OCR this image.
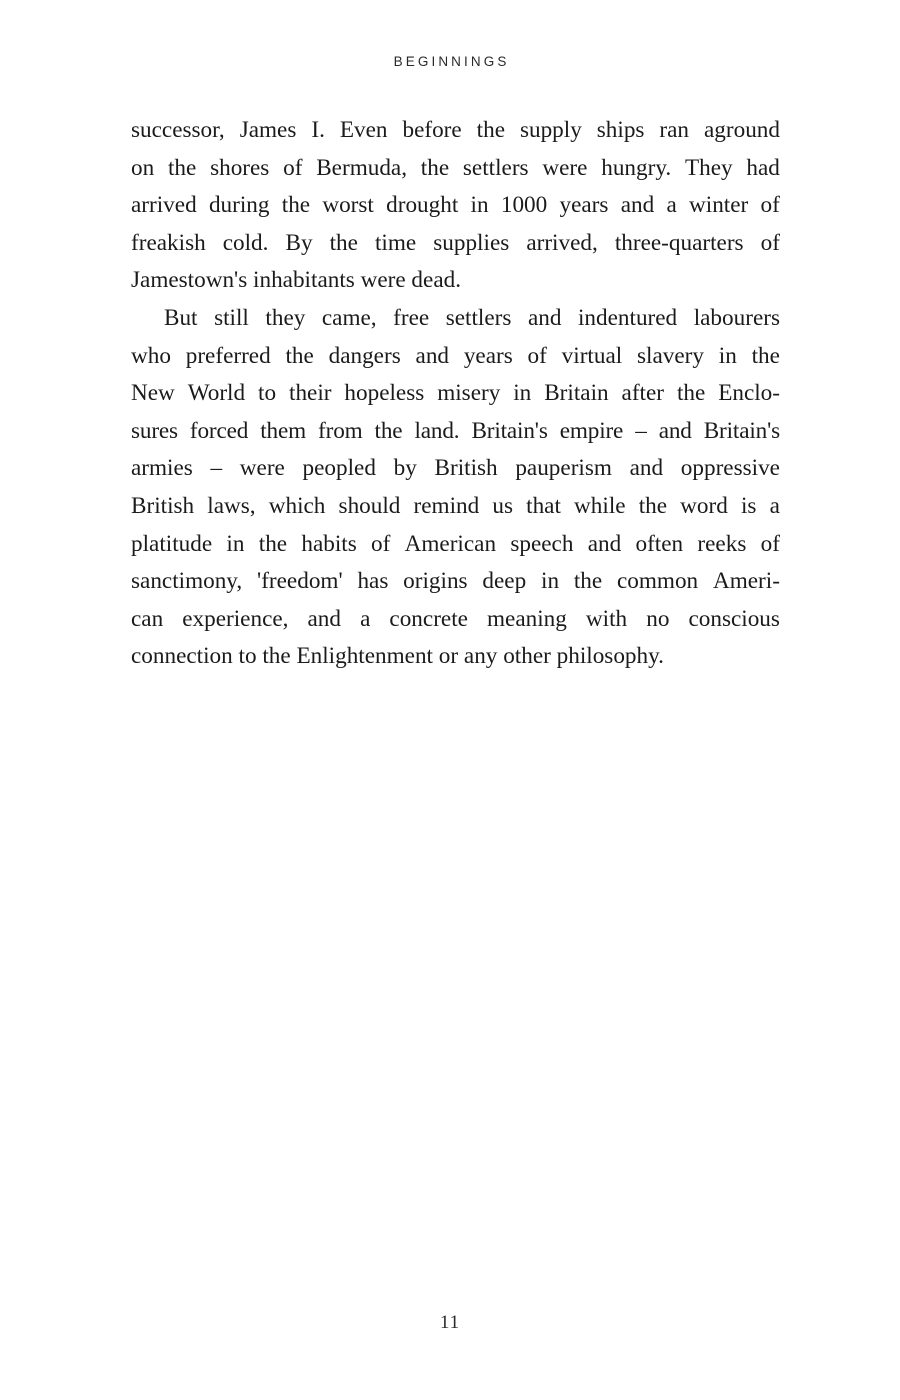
BEGINNINGS
successor, James I. Even before the supply ships ran aground
on the shores of Bermuda, the settlers were hungry. They had
arrived during the worst drought in 1000 years and a winter of
freakish cold. By the time supplies arrived, three-quarters of
Jamestown's inhabitants were dead.
But still they came, free settlers and indentured labourers
who preferred the dangers and years of virtual slavery in the
New World to their hopeless misery in Britain after the Enclo-
sures forced them from the land. Britain's empire – and Britain's
armies – were peopled by British pauperism and oppressive
British laws, which should remind us that while the word is a
platitude in the habits of American speech and often reeks of
sanctimony, 'freedom' has origins deep in the common Ameri-
can experience, and a concrete meaning with no conscious
connection to the Enlightenment or any other philosophy.
11
